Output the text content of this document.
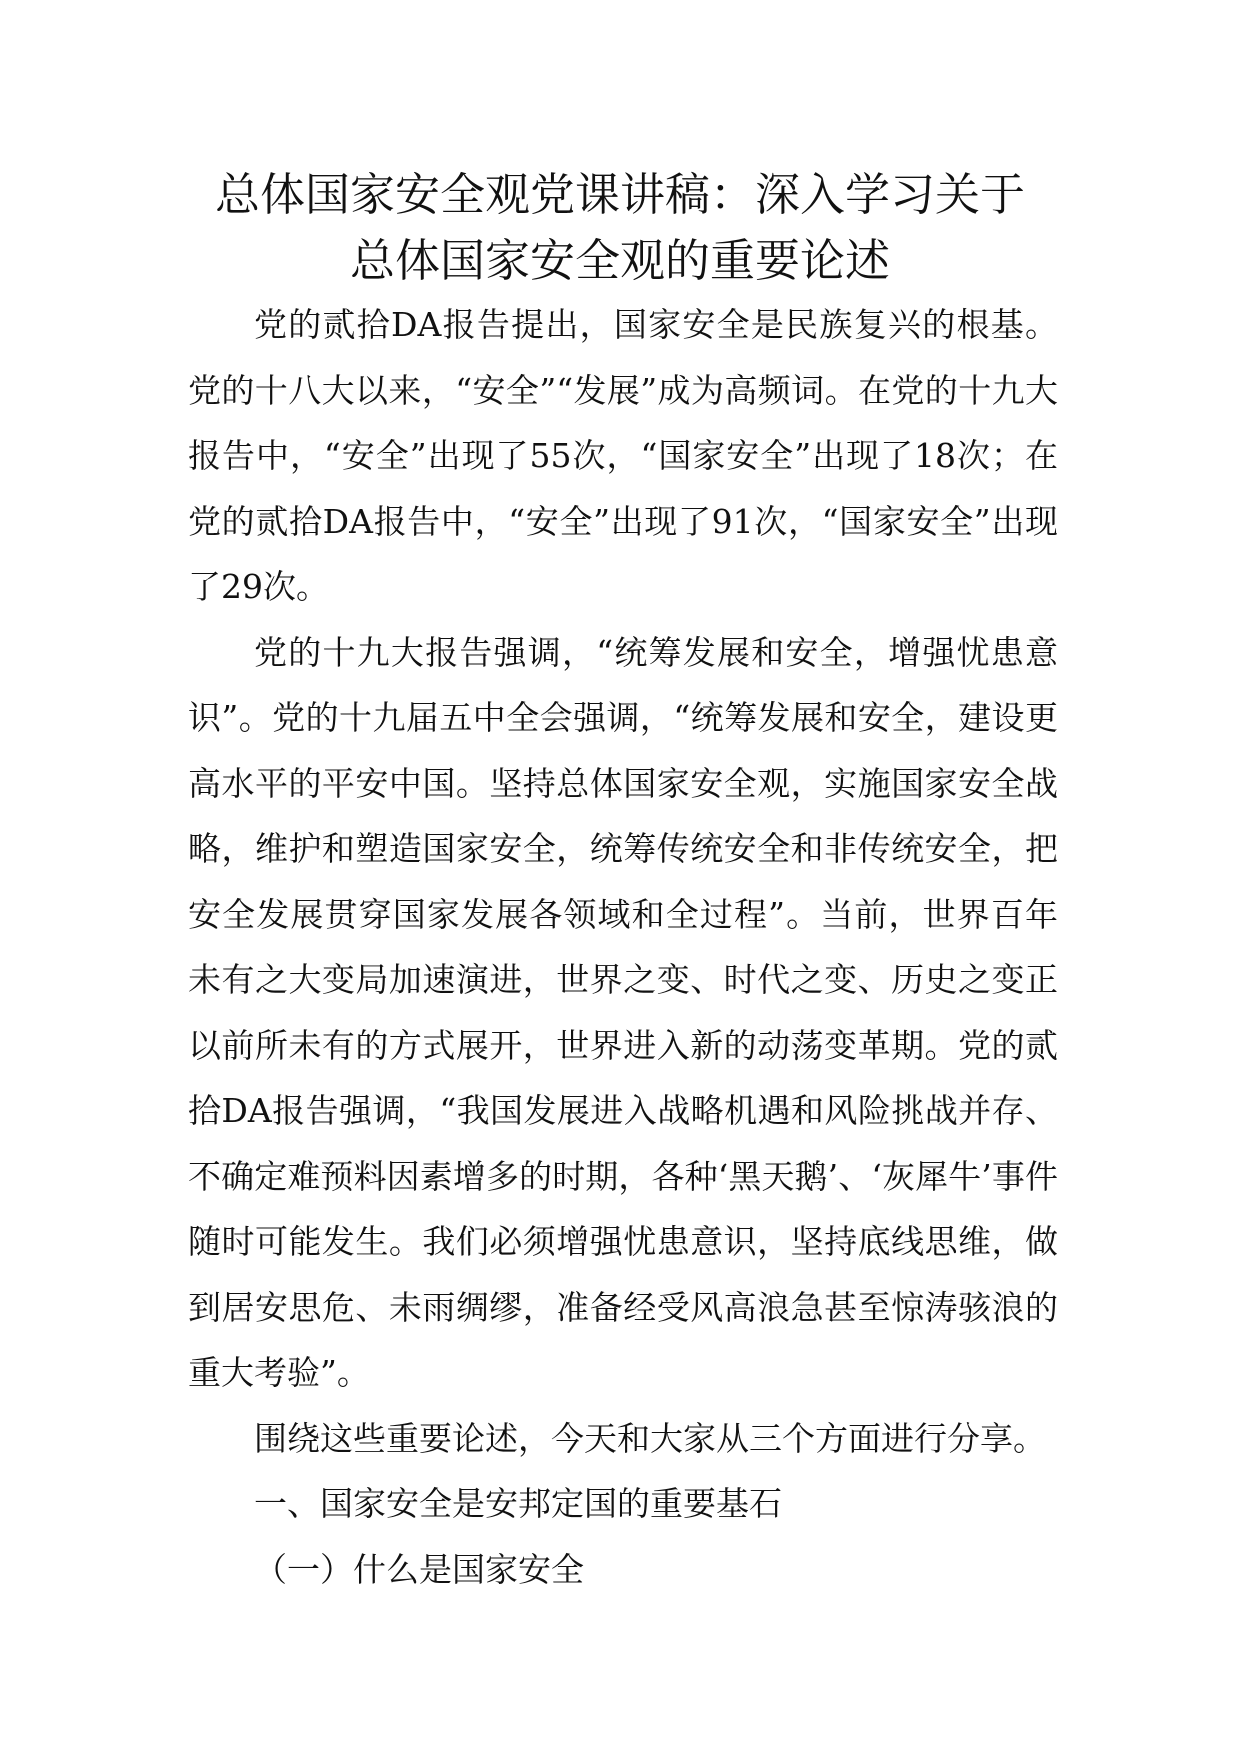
总体国家安全观党课讲稿：深入学习关于
总体国家安全观的重要论述

党的贰拾DA报告提出，国家安全是民族复兴的根基。党的十八大以来，“安全”“发展”成为高频词。在党的十九大报告中，“安全”出现了55次，“国家安全”出现了18次；在党的贰拾DA报告中，“安全”出现了91次，“国家安全”出现了29次。

党的十九大报告强调，“统筹发展和安全，增强忧患意识”。党的十九届五中全会强调，“统筹发展和安全，建设更高水平的平安中国。坚持总体国家安全观，实施国家安全战略，维护和塑造国家安全，统筹传统安全和非传统安全，把安全发展贯穿国家发展各领域和全过程”。当前，世界百年未有之大变局加速演进，世界之变、时代之变、历史之变正以前所未有的方式展开，世界进入新的动荡变革期。党的贰拾DA报告强调，“我国发展进入战略机遇和风险挑战并存、不确定难预料因素增多的时期，各种‘黑天鹅’、‘灰犀牛’事件随时可能发生。我们必须增强忧患意识，坚持底线思维，做到居安思危、未雨绸缪，准备经受风高浪急甚至惊涛骇浪的重大考验”。

围绕这些重要论述，今天和大家从三个方面进行分享。

一、国家安全是安邦定国的重要基石

（一）什么是国家安全
